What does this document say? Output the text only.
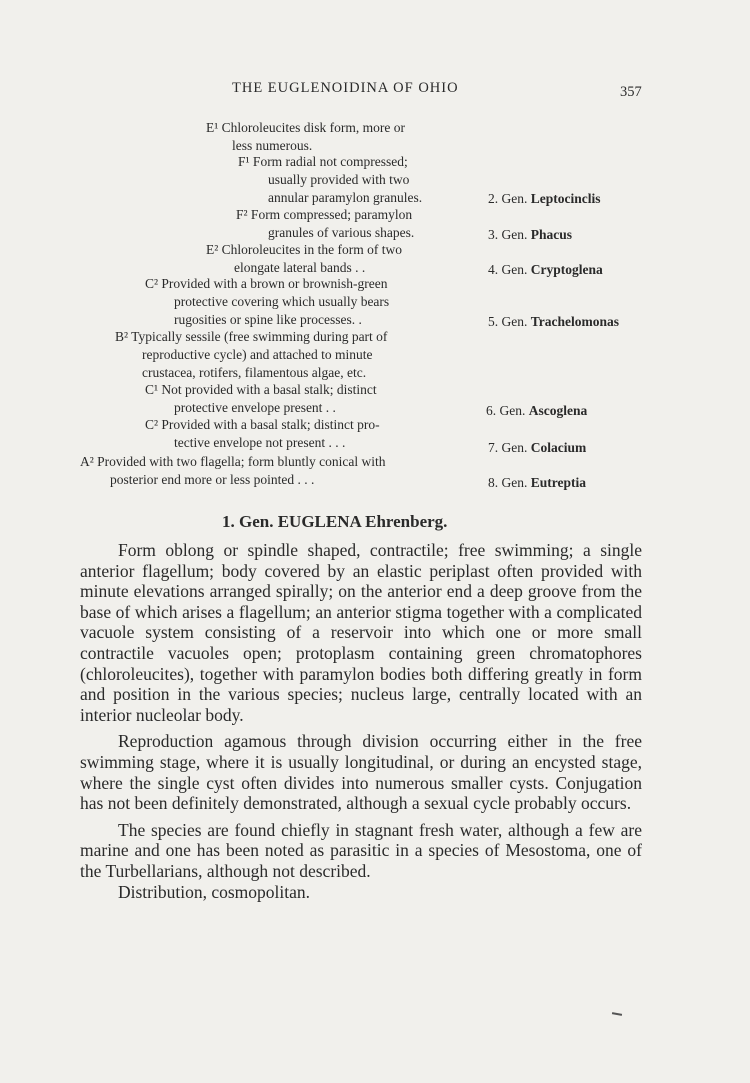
THE EUGLENOIDINA OF OHIO	357
E¹ Chloroleucites disk form, more or
less numerous.
F¹ Form radial not compressed;
usually provided with two
annular paramylon granules.	2. Gen. Leptocinclis
F² Form compressed; paramylon
granules of various shapes.	3. Gen. Phacus
E² Chloroleucites in the form of two
elongate lateral bands . .	4. Gen. Cryptoglena
C² Provided with a brown or brownish-green
protective covering which usually bears
rugosities or spine like processes. .	5. Gen. Trachelomonas
B² Typically sessile (free swimming during part of
reproductive cycle) and attached to minute
crustacea, rotifers, filamentous algae, etc.
C¹ Not provided with a basal stalk; distinct
protective envelope present . .	6. Gen. Ascoglena
C² Provided with a basal stalk; distinct pro-
tective envelope not present . . .	7. Gen. Colacium
A² Provided with two flagella; form bluntly conical with
posterior end more or less pointed . . .	8. Gen. Eutreptia
1. Gen. EUGLENA Ehrenberg.

Form oblong or spindle shaped, contractile; free swimming; a single anterior flagellum; body covered by an elastic periplast often provided with minute elevations arranged spirally; on the anterior end a deep groove from the base of which arises a flagellum; an anterior stigma together with a complicated vacuole system consisting of a reservoir into which one or more small contractile vacuoles open; protoplasm containing green chromatophores (chloroleucites), together with paramylon bodies both differing greatly in form and position in the various species; nucleus large, centrally located with an interior nucleolar body.

Reproduction agamous through division occurring either in the free swimming stage, where it is usually longitudinal, or during an encysted stage, where the single cyst often divides into numerous smaller cysts. Conjugation has not been definitely demonstrated, although a sexual cycle probably occurs.

The species are found chiefly in stagnant fresh water, although a few are marine and one has been noted as parasitic in a species of Mesostoma, one of the Turbellarians, although not described.

Distribution, cosmopolitan.
